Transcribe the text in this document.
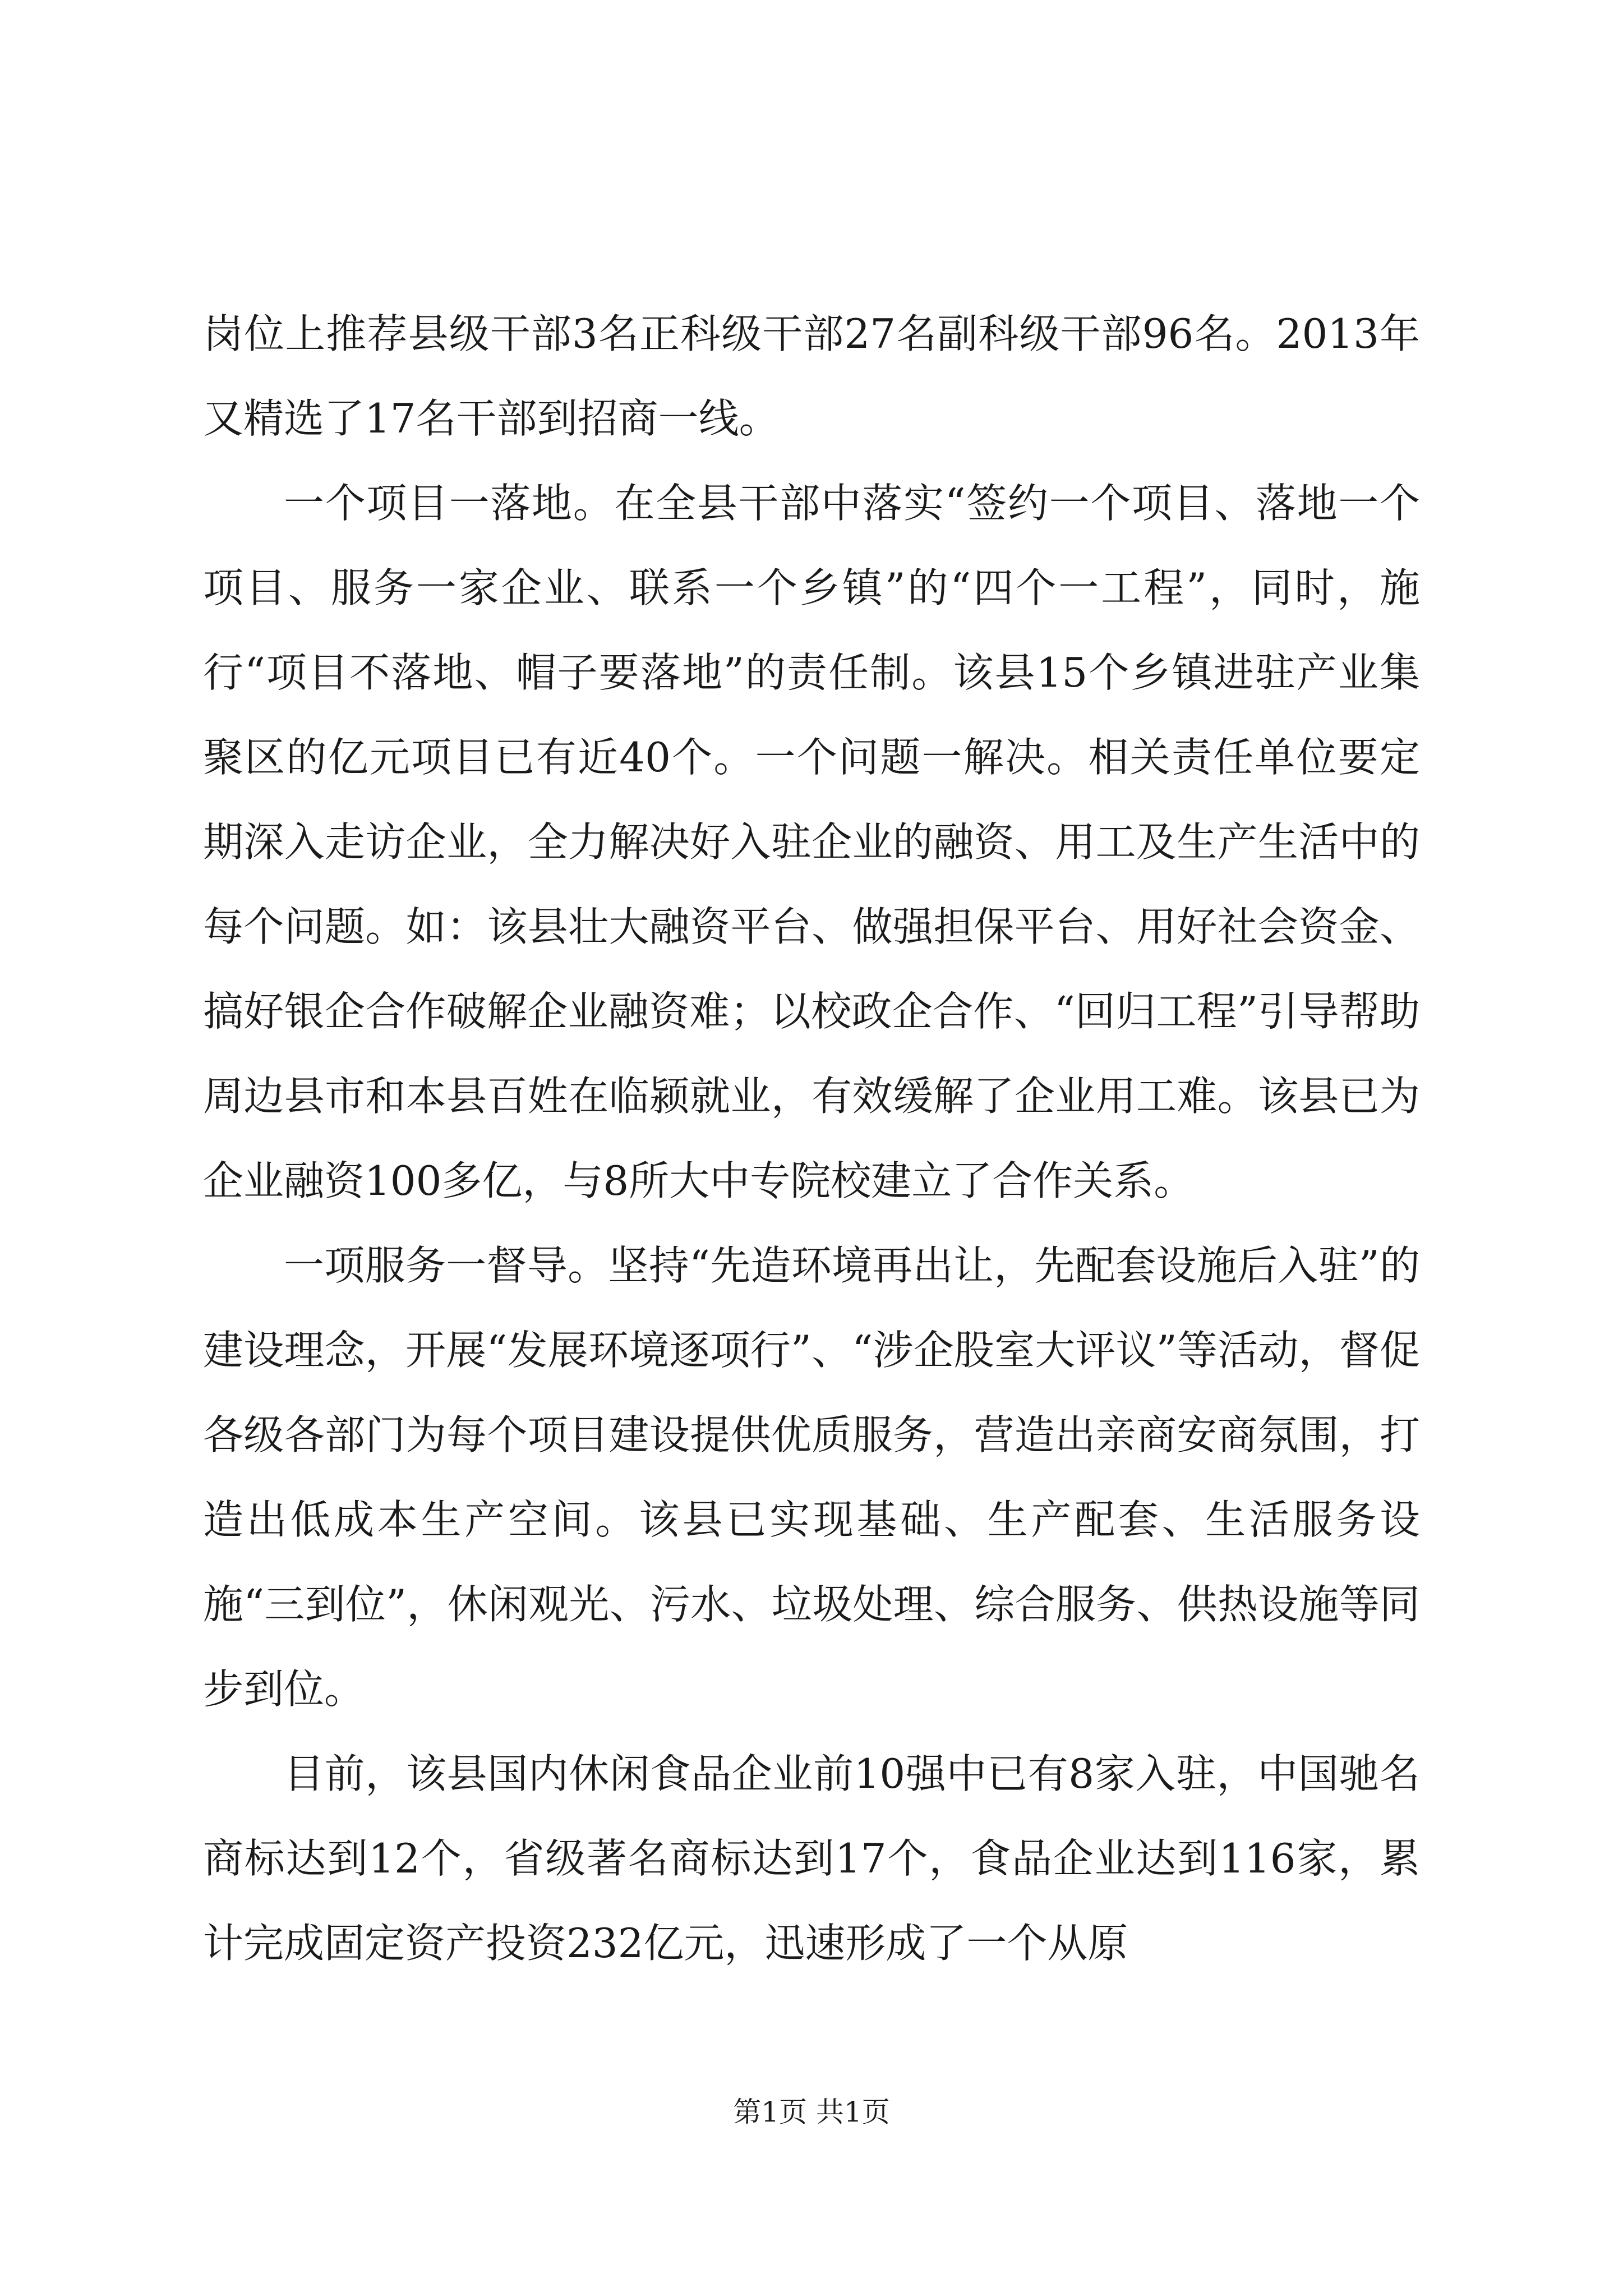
岗位上推荐县级干部3名正科级干部27名副科级干部96名。2013年又精选了17名干部到招商一线。

一个项目一落地。在全县干部中落实“签约一个项目、落地一个项目、服务一家企业、联系一个乡镇”的“四个一工程”，同时，施行“项目不落地、帽子要落地”的责任制。该县15个乡镇进驻产业集聚区的亿元项目已有近40个。一个问题一解决。相关责任单位要定期深入走访企业，全力解决好入驻企业的融资、用工及生产生活中的每个问题。如：该县壮大融资平台、做强担保平台、用好社会资金、搞好银企合作破解企业融资难；以校政企合作、“回归工程”引导帮助周边县市和本县百姓在临颍就业，有效缓解了企业用工难。该县已为企业融资100多亿，与8所大中专院校建立了合作关系。

一项服务一督导。坚持“先造环境再出让，先配套设施后入驻”的建设理念，开展“发展环境逐项行”、“涉企股室大评议”等活动，督促各级各部门为每个项目建设提供优质服务，营造出亲商安商氛围，打造出低成本生产空间。该县已实现基础、生产配套、生活服务设施“三到位”，休闲观光、污水、垃圾处理、综合服务、供热设施等同步到位。

目前，该县国内休闲食品企业前10强中已有8家入驻，中国驰名商标达到12个，省级著名商标达到17个，食品企业达到116家，累计完成固定资产投资232亿元，迅速形成了一个从原

第1页 共1页
